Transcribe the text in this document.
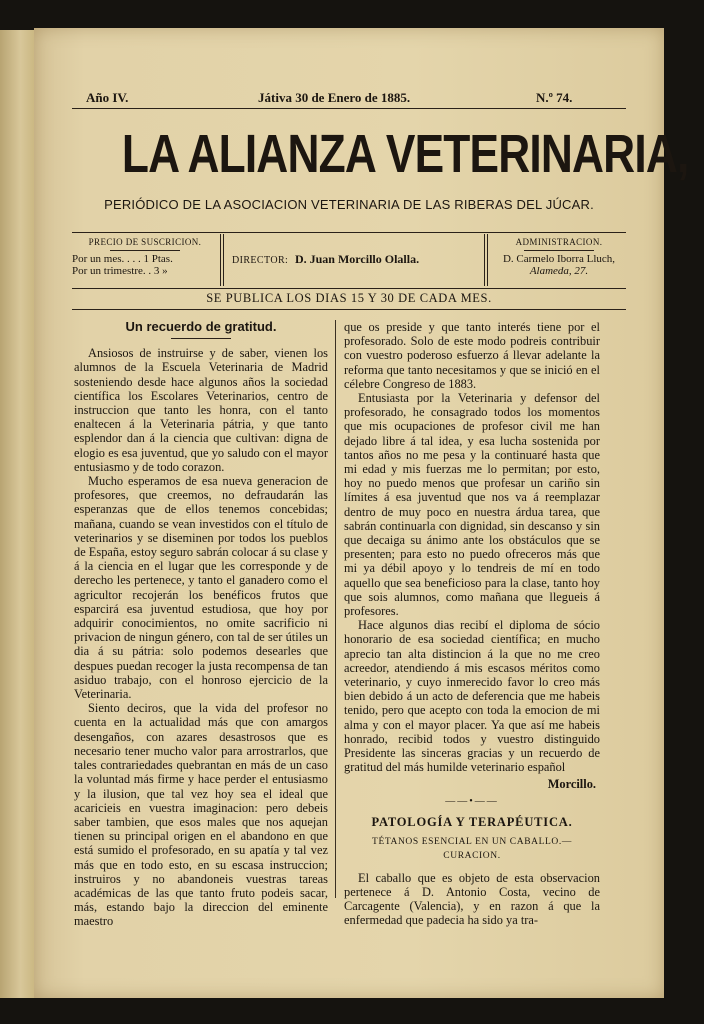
Año IV.	Játiva 30 de Enero de 1885.	N.º 74.
LA ALIANZA VETERINARIA,
PERIÓDICO DE LA ASOCIACION VETERINARIA DE LAS RIBERAS DEL JÚCAR.
PRECIO DE SUSCRICION.
Por un mes. . . . 1 Ptas.
Por un trimestre. . 3 »
DIRECTOR: D. Juan Morcillo Olalla.
ADMINISTRACION.
D. Carmelo Iborra Lluch,
Alameda, 27.
SE PUBLICA LOS DIAS 15 Y 30 DE CADA MES.
Un recuerdo de gratitud.

Ansiosos de instruirse y de saber, vienen los alumnos de la Escuela Veterinaria de Madrid sosteniendo desde hace algunos años la sociedad científica los Escolares Veterinarios, centro de instruccion que tanto les honra, con el tanto enaltecen á la Veterinaria pátria, y que tanto esplendor dan á la ciencia que cultivan: digna de elogio es esa juventud, que yo saludo con el mayor entusiasmo y de todo corazon.

Mucho esperamos de esa nueva generacion de profesores, que creemos, no defraudarán las esperanzas que de ellos tenemos concebidas; mañana, cuando se vean investidos con el título de veterinarios y se diseminen por todos los pueblos de España, estoy seguro sabrán colocar á su clase y á la ciencia en el lugar que les corresponde y de derecho les pertenece, y tanto el ganadero como el agricultor recojerán los benéficos frutos que esparcirá esa juventud estudiosa, que hoy por adquirir conocimientos, no omite sacrificio ni privacion de ningun género, con tal de ser útiles un dia á su pátria: solo podemos desearles que despues puedan recoger la justa recompensa de tan asiduo trabajo, con el honroso ejercicio de la Veterinaria.

Siento deciros, que la vida del profesor no cuenta en la actualidad más que con amargos desengaños, con azares desastrosos que es necesario tener mucho valor para arrostrarlos, que tales contrariedades quebrantan en más de un caso la voluntad más firme y hace perder el entusiasmo y la ilusion, que tal vez hoy sea el ideal que acaricieis en vuestra imaginacion: pero debeis saber tambien, que esos males que nos aquejan tienen su principal origen en el abandono en que está sumido el profesorado, en su apatía y tal vez más que en todo esto, en su escasa instruccion; instruiros y no abandoneis vuestras tareas académicas de las que tanto fruto podeis sacar, más, estando bajo la direccion del eminente maestro

que os preside y que tanto interés tiene por el profesorado. Solo de este modo podreis contribuir con vuestro poderoso esfuerzo á llevar adelante la reforma que tanto necesitamos y que se inició en el célebre Congreso de 1883.

Entusiasta por la Veterinaria y defensor del profesorado, he consagrado todos los momentos que mis ocupaciones de profesor civil me han dejado libre á tal idea, y esa lucha sostenida por tantos años no me pesa y la continuaré hasta que mi edad y mis fuerzas me lo permitan; por esto, hoy no puedo menos que profesar un cariño sin límites á esa juventud que nos va á reemplazar dentro de muy poco en nuestra árdua tarea, que sabrán continuarla con dignidad, sin descanso y sin que decaiga su ánimo ante los obstáculos que se presenten; para esto no puedo ofreceros más que mi ya débil apoyo y lo tendreis de mí en todo aquello que sea beneficioso para la clase, tanto hoy que sois alumnos, como mañana que llegueis á profesores.

Hace algunos dias recibí el diploma de sócio honorario de esa sociedad científica; en mucho aprecio tan alta distincion á la que no me creo acreedor, atendiendo á mis escasos méritos como veterinario, y cuyo inmerecido favor lo creo más bien debido á un acto de deferencia que me habeis tenido, pero que acepto con toda la emocion de mi alma y con el mayor placer. Ya que así me habeis honrado, recibid todos y vuestro distinguido Presidente las sinceras gracias y un recuerdo de gratitud del más humilde veterinario español

Morcillo.
——•——
PATOLOGÍA Y TERAPÉUTICA.
TÉTANOS ESENCIAL EN UN CABALLO.—CURACION.

El caballo que es objeto de esta observacion pertenece á D. Antonio Costa, vecino de Carcagente (Valencia), y en razon á que la enfermedad que padecia ha sido ya tra-
